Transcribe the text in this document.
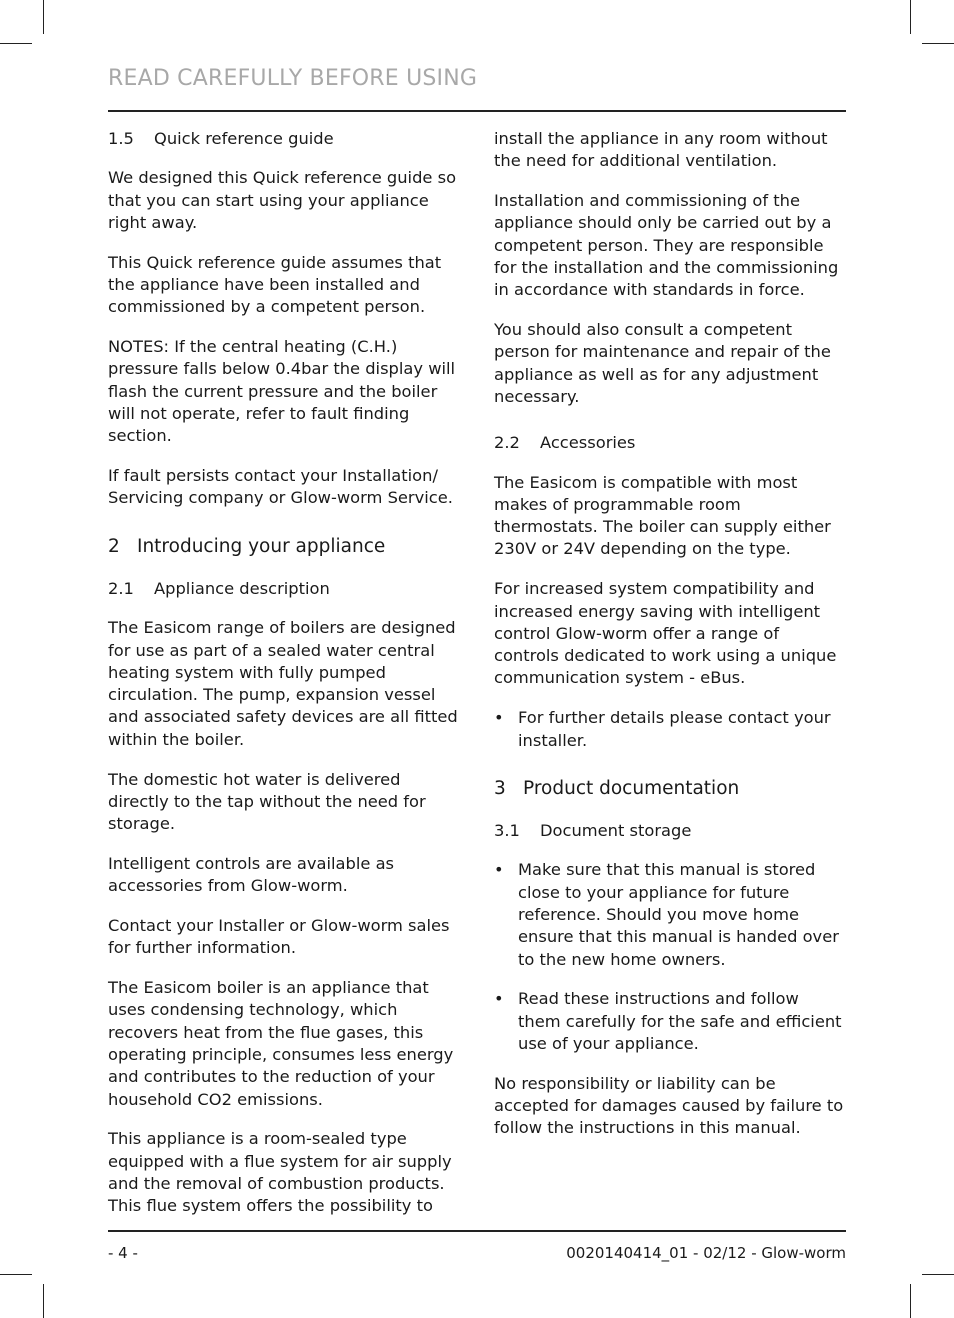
READ CAREFULLY BEFORE USING
1.5 Quick reference guide

We designed this Quick reference guide so that you can start using your appliance right away.

This Quick reference guide assumes that the appliance have been installed and commissioned by a competent person.

NOTES: If the central heating (C.H.) pressure falls below 0.4bar the display will flash the current pressure and the boiler will not operate, refer to fault finding section.

If fault persists contact your Installation/ Servicing company or Glow-worm Service.

2 Introducing your appliance
2.1 Appliance description

The Easicom range of boilers are designed for use as part of a sealed water central heating system with fully pumped circulation. The pump, expansion vessel and associated safety devices are all fitted within the boiler.

The domestic hot water is delivered directly to the tap without the need for storage.

Intelligent controls are available as accessories from Glow-worm.

Contact your Installer or Glow-worm sales for further information.

The Easicom boiler is an appliance that uses condensing technology, which recovers heat from the flue gases, this operating principle, consumes less energy and contributes to the reduction of your household CO2 emissions.

This appliance is a room-sealed type equipped with a flue system for air supply and the removal of combustion products. This flue system offers the possibility to

install the appliance in any room without the need for additional ventilation.

Installation and commissioning of the appliance should only be carried out by a competent person. They are responsible for the installation and the commissioning in accordance with standards in force.

You should also consult a competent person for maintenance and repair of the appliance as well as for any adjustment necessary.

2.2 Accessories

The Easicom is compatible with most makes of programmable room thermostats. The boiler can supply either 230V or 24V depending on the type.

For increased system compatibility and increased energy saving with intelligent control Glow-worm offer a range of controls dedicated to work using a unique communication system - eBus.

• For further details please contact your installer.
3 Product documentation
3.1 Document storage
• Make sure that this manual is stored close to your appliance for future reference. Should you move home ensure that this manual is handed over to the new home owners.
• Read these instructions and follow them carefully for the safe and efficient use of your appliance.

No responsibility or liability can be accepted for damages caused by failure to follow the instructions in this manual.

- 4 -	0020140414_01 - 02/12 - Glow-worm
